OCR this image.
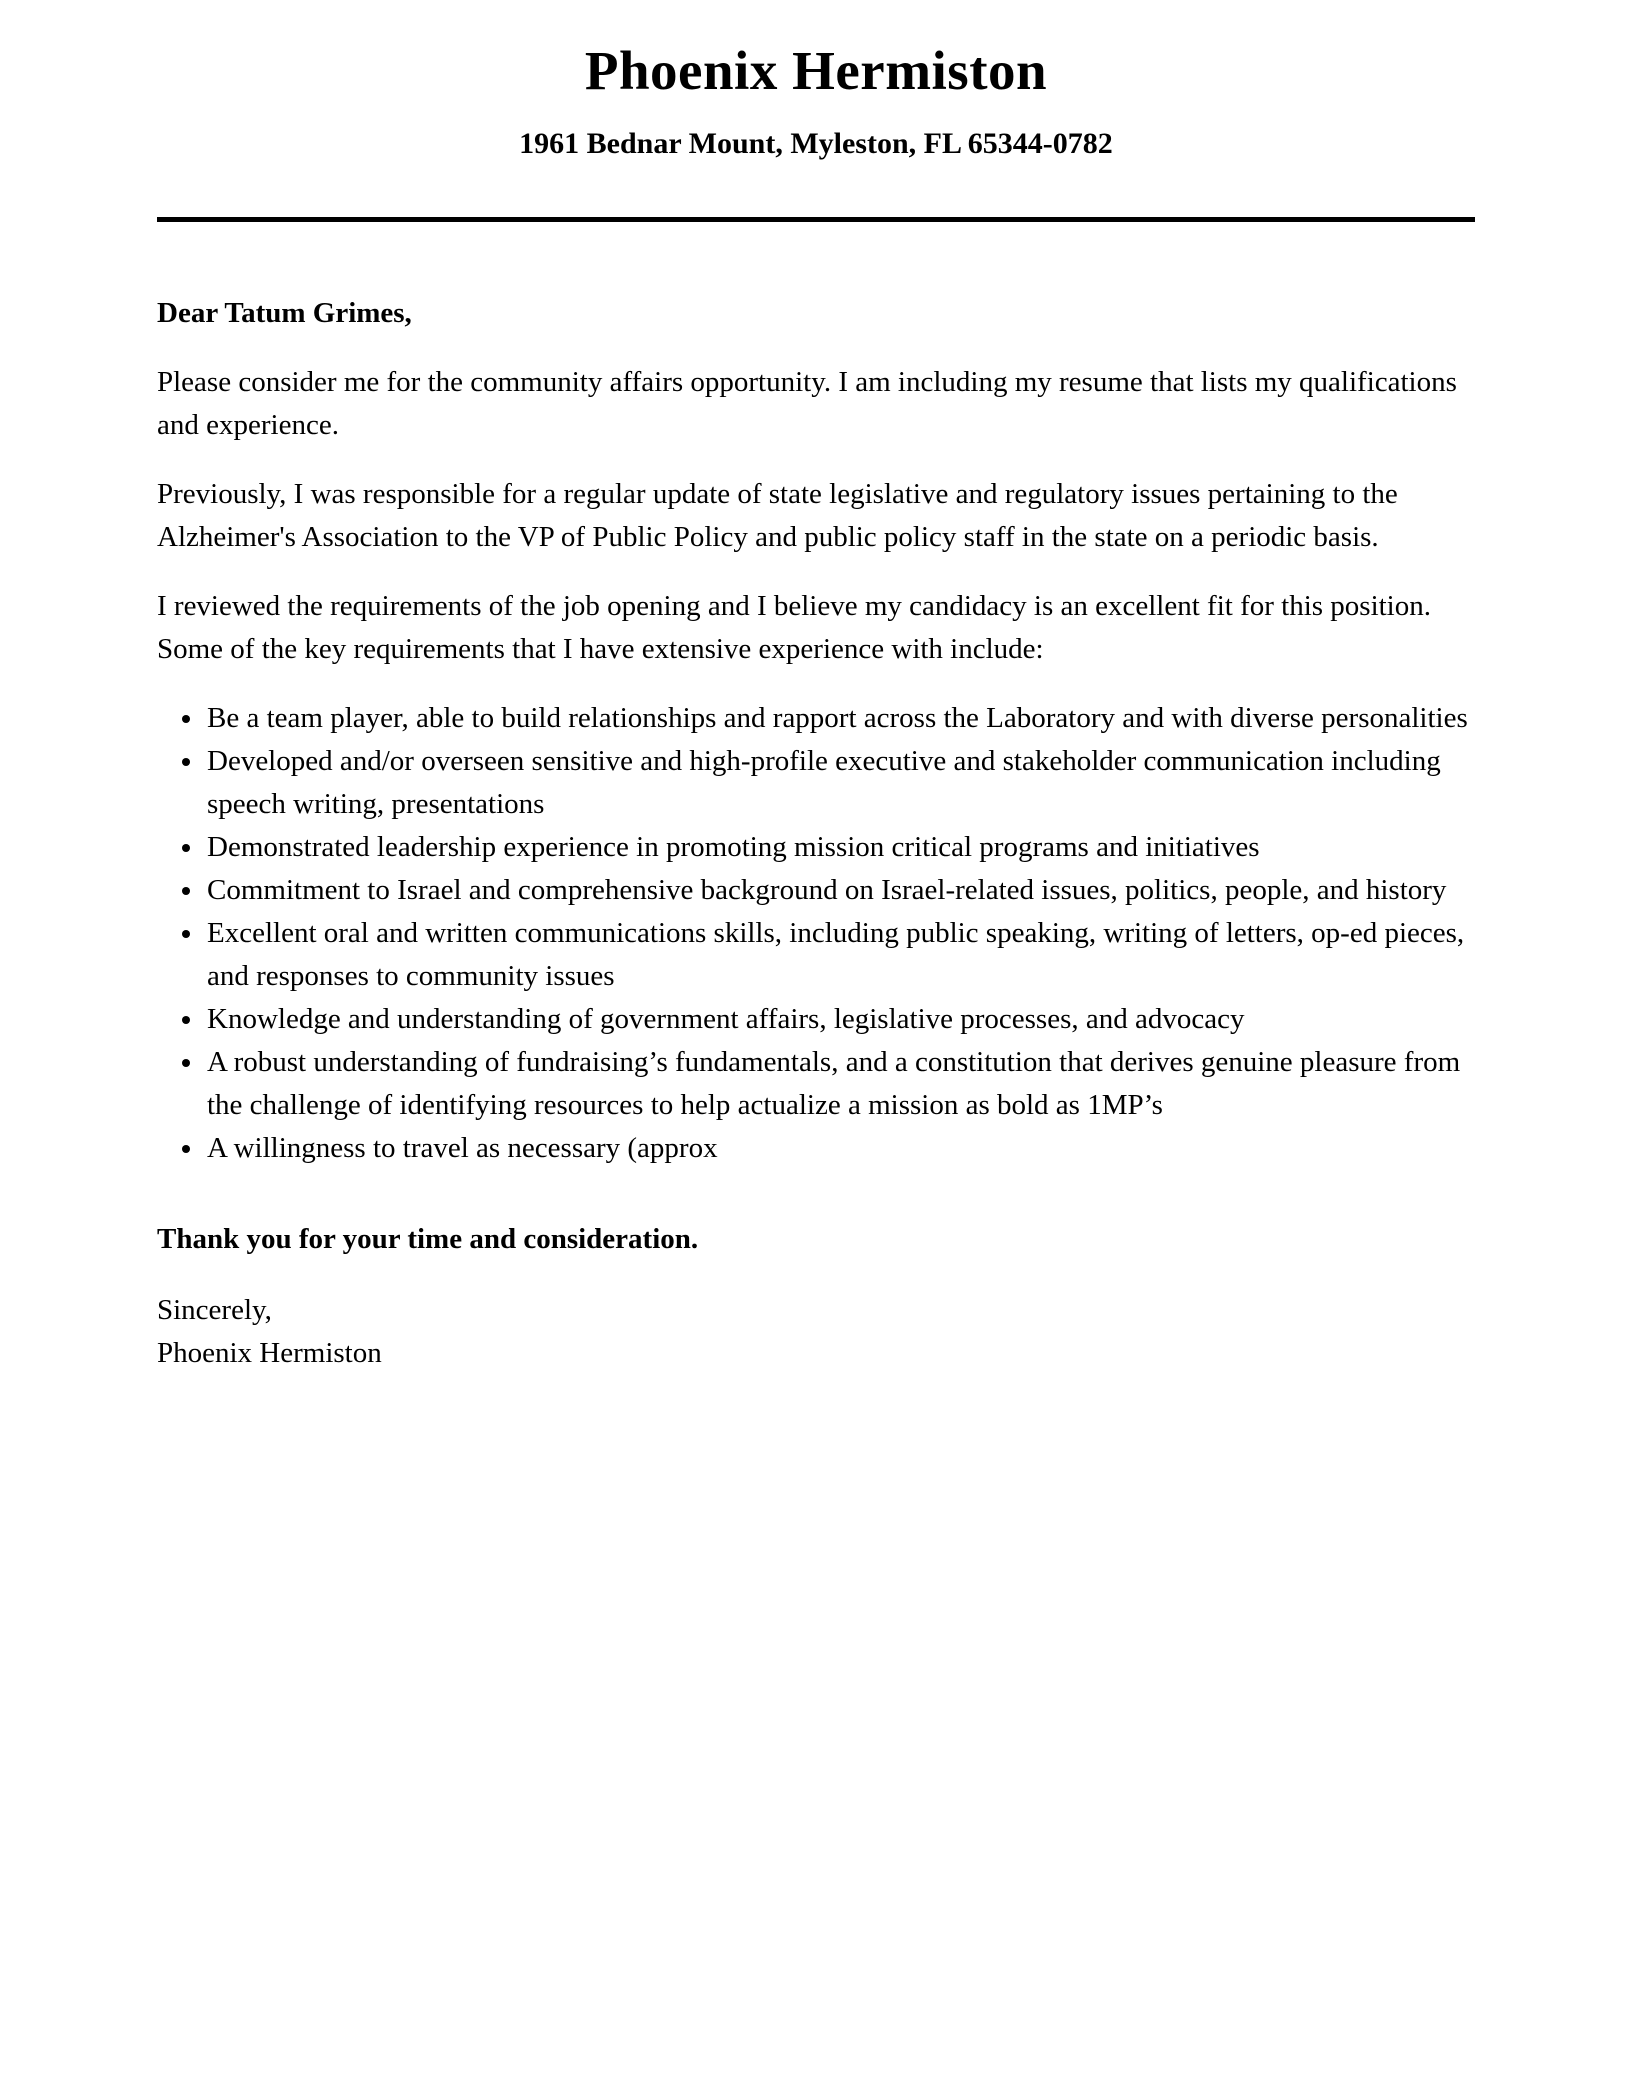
Phoenix Hermiston
1961 Bednar Mount, Myleston, FL 65344-0782

Dear Tatum Grimes,

Please consider me for the community affairs opportunity. I am including my resume that lists my qualifications and experience.

Previously, I was responsible for a regular update of state legislative and regulatory issues pertaining to the Alzheimer's Association to the VP of Public Policy and public policy staff in the state on a periodic basis.

I reviewed the requirements of the job opening and I believe my candidacy is an excellent fit for this position. Some of the key requirements that I have extensive experience with include:

• Be a team player, able to build relationships and rapport across the Laboratory and with diverse personalities
• Developed and/or overseen sensitive and high-profile executive and stakeholder communication including speech writing, presentations
• Demonstrated leadership experience in promoting mission critical programs and initiatives
• Commitment to Israel and comprehensive background on Israel-related issues, politics, people, and history
• Excellent oral and written communications skills, including public speaking, writing of letters, op-ed pieces, and responses to community issues
• Knowledge and understanding of government affairs, legislative processes, and advocacy
• A robust understanding of fundraising’s fundamentals, and a constitution that derives genuine pleasure from the challenge of identifying resources to help actualize a mission as bold as 1MP’s
• A willingness to travel as necessary (approx

Thank you for your time and consideration.

Sincerely,
Phoenix Hermiston
